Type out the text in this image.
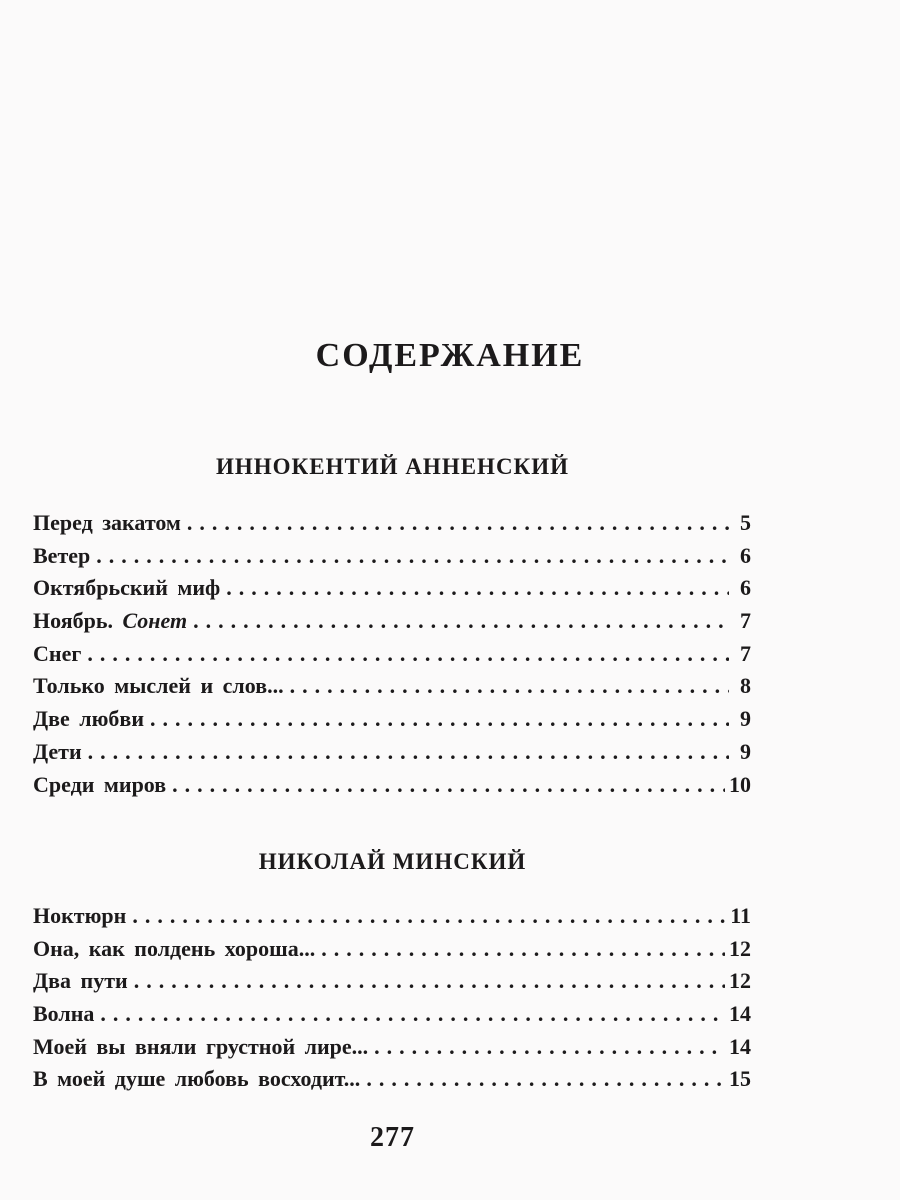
СОДЕРЖАНИЕ
ИННОКЕНТИЙ АННЕНСКИЙ
Перед закатом .....	5
Ветер .....	6
Октябрьский миф .....	6
Ноябрь. Сонет .....	7
Снег .....	7
Только мыслей и слов... .....	8
Две любви .....	9
Дети .....	9
Среди миров .....	10
НИКОЛАЙ МИНСКИЙ
Ноктюрн .....	11
Она, как полдень хороша... .....	12
Два пути .....	12
Волна .....	14
Моей вы вняли грустной лире... .....	14
В моей душе любовь восходит... .....	15
277
